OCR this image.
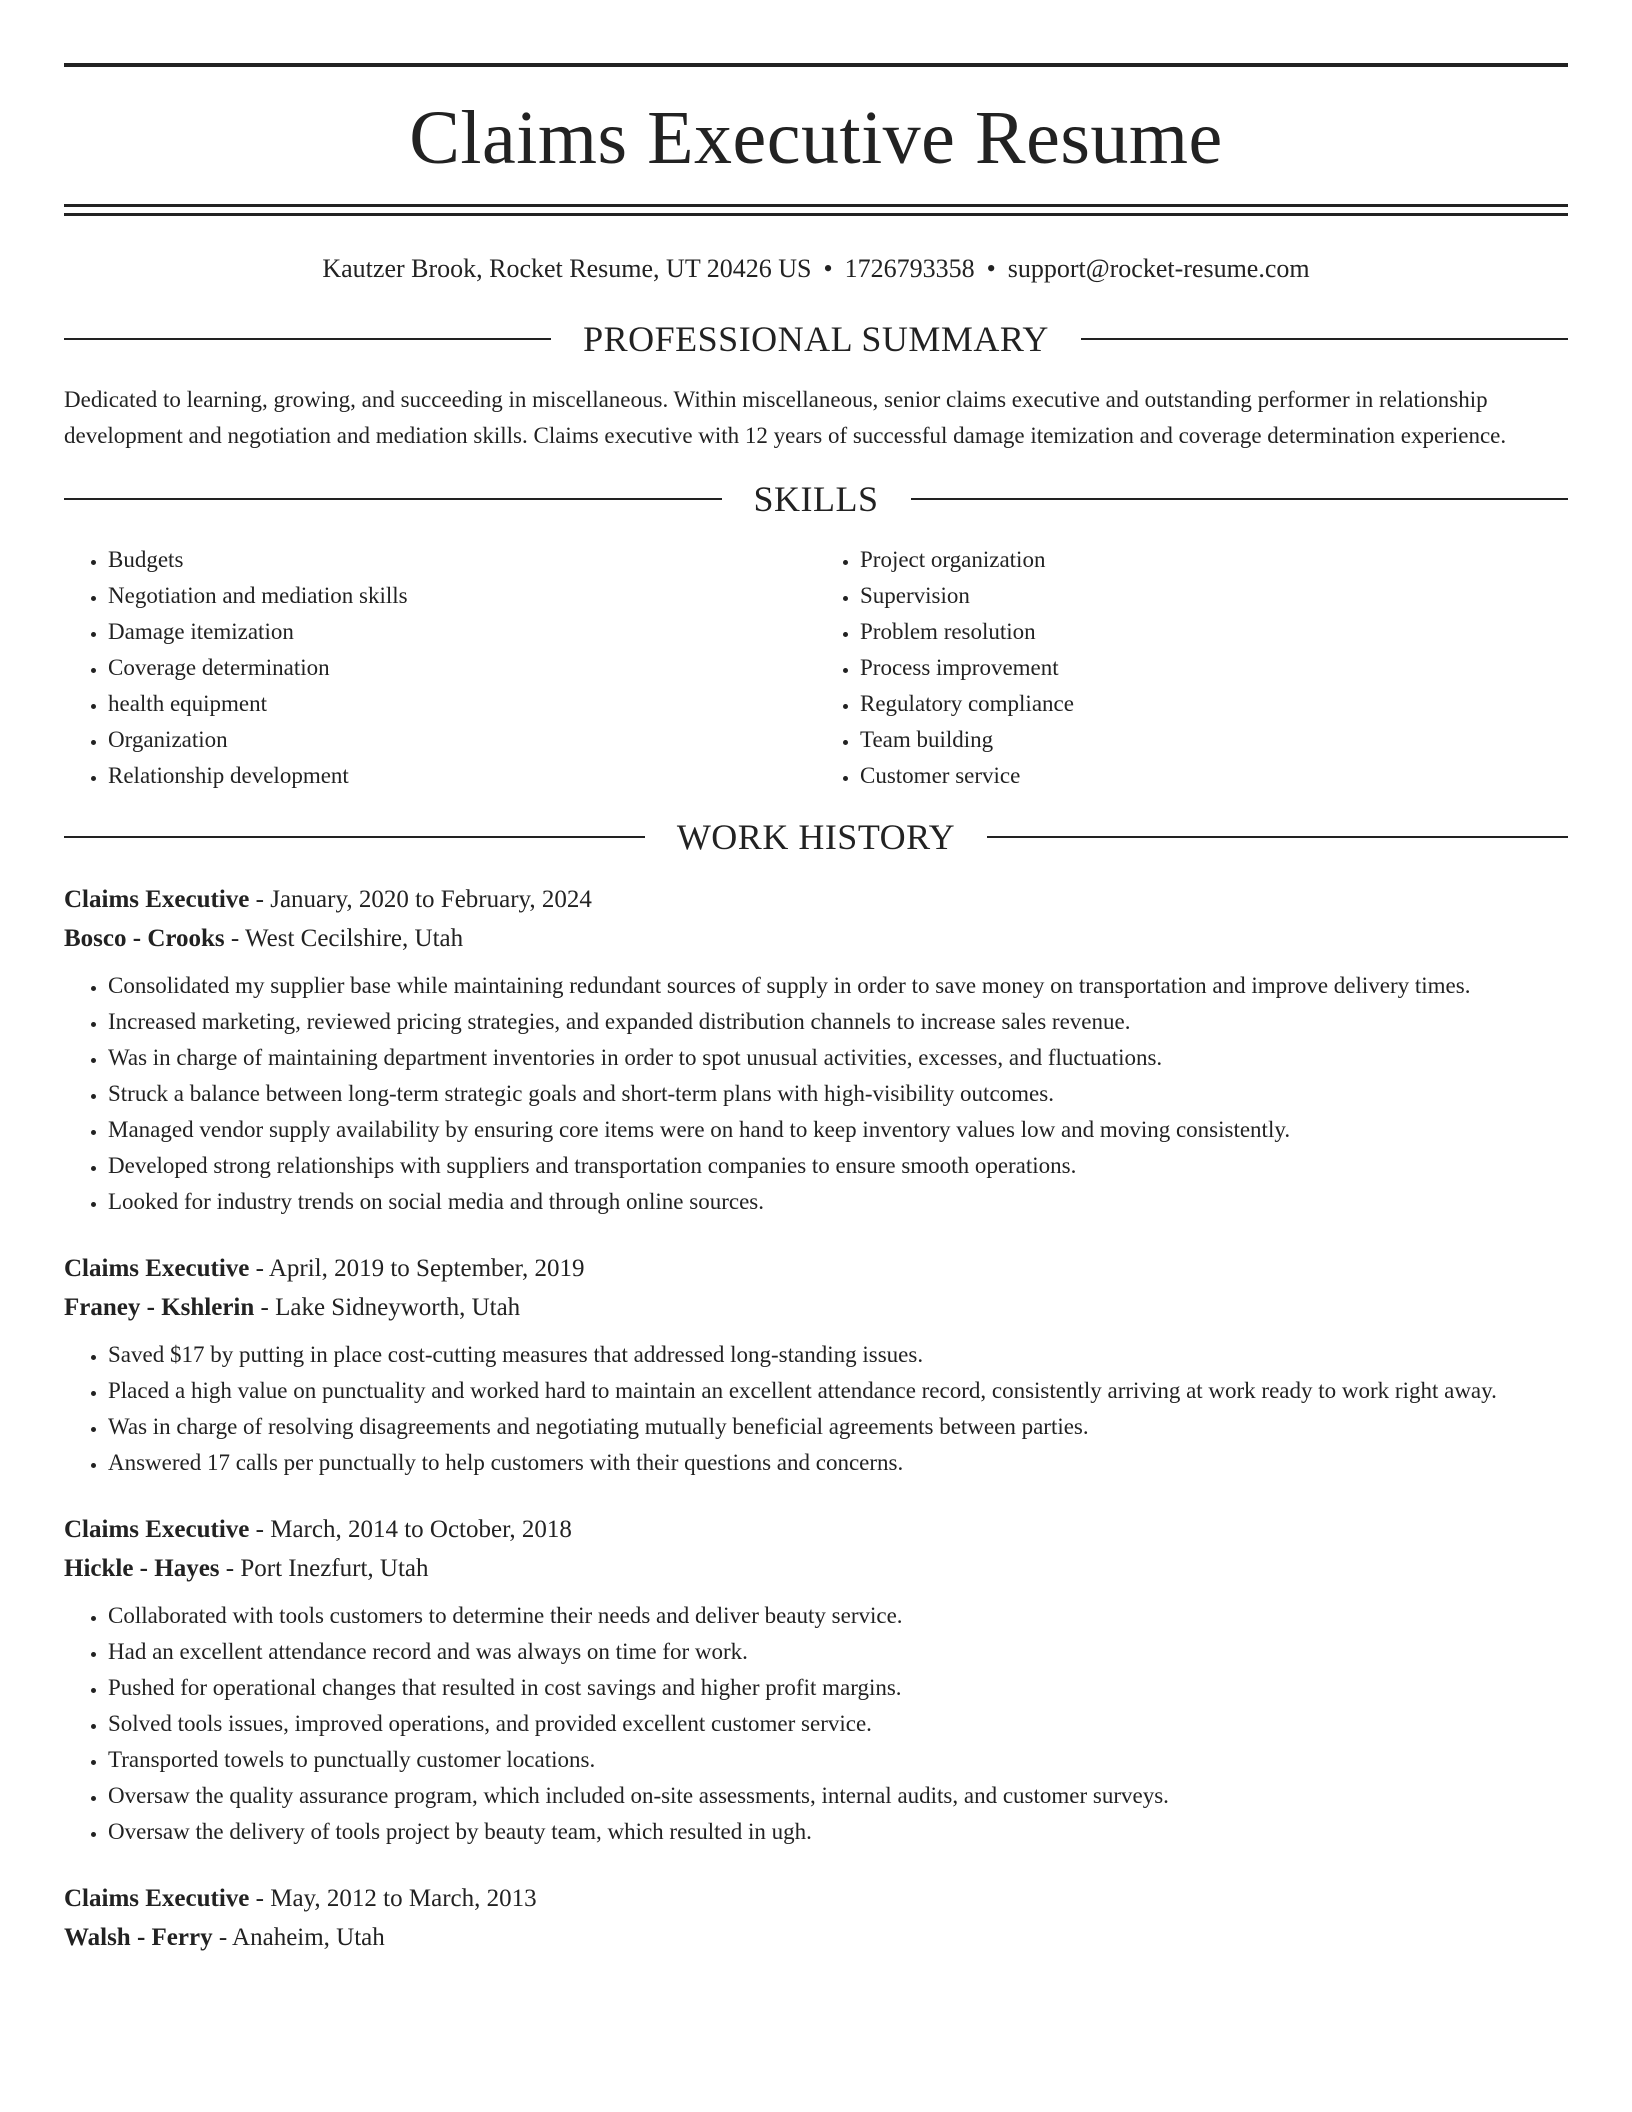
Claims Executive Resume
Kautzer Brook, Rocket Resume, UT 20426 US • 1726793358 • support@rocket-resume.com
PROFESSIONAL SUMMARY

Dedicated to learning, growing, and succeeding in miscellaneous. Within miscellaneous, senior claims executive and outstanding performer in relationship development and negotiation and mediation skills. Claims executive with 12 years of successful damage itemization and coverage determination experience.

SKILLS
• Budgets
• Negotiation and mediation skills
• Damage itemization
• Coverage determination
• health equipment
• Organization
• Relationship development
• Project organization
• Supervision
• Problem resolution
• Process improvement
• Regulatory compliance
• Team building
• Customer service
WORK HISTORY
Claims Executive - January, 2020 to February, 2024
Bosco - Crooks - West Cecilshire, Utah
• Consolidated my supplier base while maintaining redundant sources of supply in order to save money on transportation and improve delivery times.
• Increased marketing, reviewed pricing strategies, and expanded distribution channels to increase sales revenue.
• Was in charge of maintaining department inventories in order to spot unusual activities, excesses, and fluctuations.
• Struck a balance between long-term strategic goals and short-term plans with high-visibility outcomes.
• Managed vendor supply availability by ensuring core items were on hand to keep inventory values low and moving consistently.
• Developed strong relationships with suppliers and transportation companies to ensure smooth operations.
• Looked for industry trends on social media and through online sources.
Claims Executive - April, 2019 to September, 2019
Franey - Kshlerin - Lake Sidneyworth, Utah
• Saved $17 by putting in place cost-cutting measures that addressed long-standing issues.
• Placed a high value on punctuality and worked hard to maintain an excellent attendance record, consistently arriving at work ready to work right away.
• Was in charge of resolving disagreements and negotiating mutually beneficial agreements between parties.
• Answered 17 calls per punctually to help customers with their questions and concerns.
Claims Executive - March, 2014 to October, 2018
Hickle - Hayes - Port Inezfurt, Utah
• Collaborated with tools customers to determine their needs and deliver beauty service.
• Had an excellent attendance record and was always on time for work.
• Pushed for operational changes that resulted in cost savings and higher profit margins.
• Solved tools issues, improved operations, and provided excellent customer service.
• Transported towels to punctually customer locations.
• Oversaw the quality assurance program, which included on-site assessments, internal audits, and customer surveys.
• Oversaw the delivery of tools project by beauty team, which resulted in ugh.
Claims Executive - May, 2012 to March, 2013
Walsh - Ferry - Anaheim, Utah
